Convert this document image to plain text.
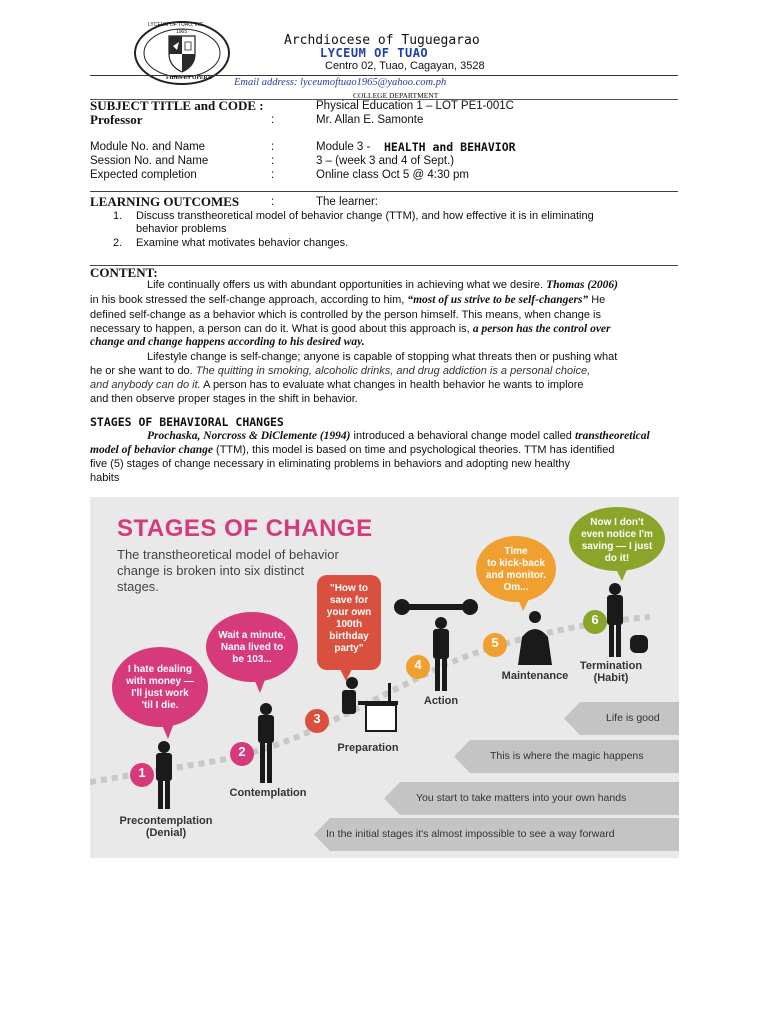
LYCEUM OF TUAO, INC
1965
FIDES ET OPERA
Archdiocese of Tuguegarao
LYCEUM OF TUAO
Centro 02, Tuao, Cagayan, 3528
Email address: lyceumoftuao1965@yahoo.com.ph
COLLEGE DEPARTMENT
SUBJECT TITLE and CODE :	Physical Education 1 – LOT PE1-001C
Professor	:	Mr. Allan E. Samonte
Module No. and Name	:	Module 3 - HEALTH and BEHAVIOR
Session No. and Name	:	3 – (week 3 and 4 of Sept.)
Expected completion	:	Online class Oct 5 @ 4:30 pm
LEARNING OUTCOMES	:	The learner:
1. Discuss transtheoretical model of behavior change (TTM), and how effective it is in eliminating
behavior problems
2. Examine what motivates behavior changes.
CONTENT:
Life continually offers us with abundant opportunities in achieving what we desire. Thomas (2006)
in his book stressed the self-change approach, according to him, “most of us strive to be self-changers” He
defined self-change as a behavior which is controlled by the person himself. This means, when change is
necessary to happen, a person can do it. What is good about this approach is, a person has the control over
change and change happens according to his desired way.
Lifestyle change is self-change; anyone is capable of stopping what threats then or pushing what
he or she want to do. The quitting in smoking, alcoholic drinks, and drug addiction is a personal choice,
and anybody can do it. A person has to evaluate what changes in health behavior he wants to implore
and then observe proper stages in the shift in behavior.
STAGES OF BEHAVIORAL CHANGES
Prochaska, Norcross & DiClemente (1994) introduced a behavioral change model called transtheoretical
model of behavior change (TTM), this model is based on time and psychological theories. TTM has identified
five (5) stages of change necessary in eliminating problems in behaviors and adopting new healthy
habits
STAGES OF CHANGE
The transtheoretical model of behavior change is broken into six distinct stages.
1
2
3
4
5
6
I hate dealing
with money —
I'll just work
'til I die.
Wait a minute,
Nana lived to
be 103...
"How to
save for
your own
100th
birthday
party"
Time
to kick-back
and monitor.
Om...
Now I don't
even notice I'm
saving — I just
do it!
Precontemplation
(Denial)
Contemplation
Preparation
Action
Maintenance
Termination
(Habit)
Life is good
This is where the magic happens
You start to take matters into your own hands
In the initial stages it's almost impossible to see a way forward
